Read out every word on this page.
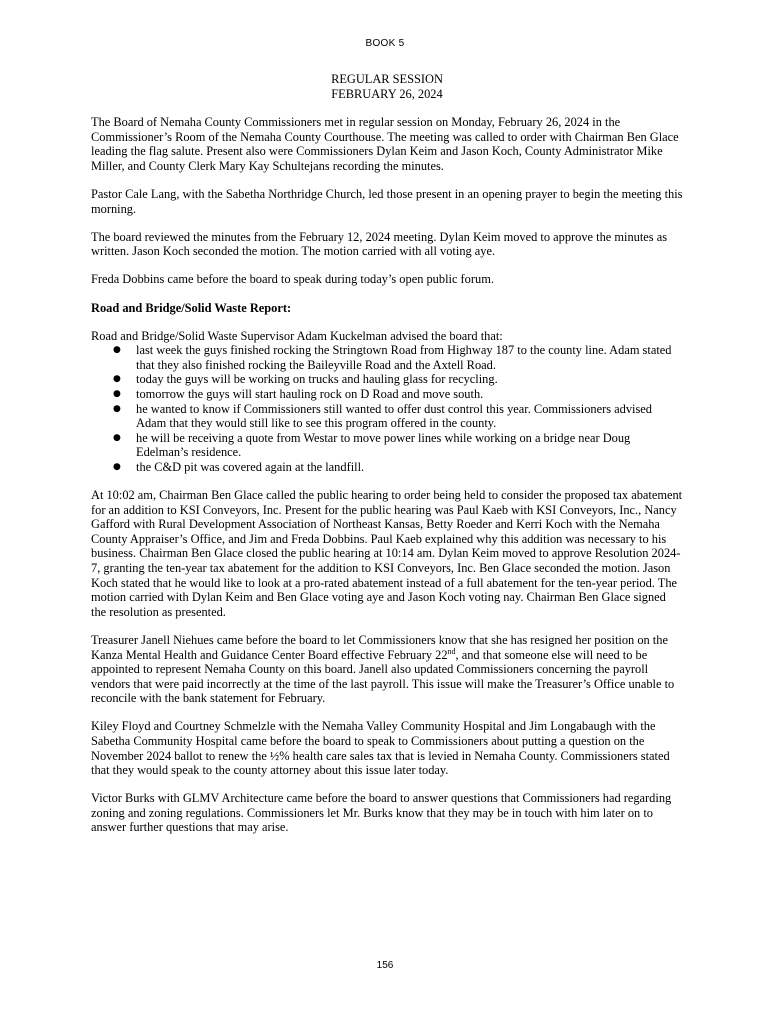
BOOK 5
REGULAR SESSION
FEBRUARY 26, 2024

The Board of Nemaha County Commissioners met in regular session on Monday, February 26, 2024 in the Commissioner’s Room of the Nemaha County Courthouse. The meeting was called to order with Chairman Ben Glace leading the flag salute. Present also were Commissioners Dylan Keim and Jason Koch, County Administrator Mike Miller, and County Clerk Mary Kay Schultejans recording the minutes.

Pastor Cale Lang, with the Sabetha Northridge Church, led those present in an opening prayer to begin the meeting this morning.

The board reviewed the minutes from the February 12, 2024 meeting. Dylan Keim moved to approve the minutes as written. Jason Koch seconded the motion. The motion carried with all voting aye.

Freda Dobbins came before the board to speak during today’s open public forum.

Road and Bridge/Solid Waste Report:

Road and Bridge/Solid Waste Supervisor Adam Kuckelman advised the board that:
● last week the guys finished rocking the Stringtown Road from Highway 187 to the county line. Adam stated that they also finished rocking the Baileyville Road and the Axtell Road.
● today the guys will be working on trucks and hauling glass for recycling.
● tomorrow the guys will start hauling rock on D Road and move south.
● he wanted to know if Commissioners still wanted to offer dust control this year. Commissioners advised Adam that they would still like to see this program offered in the county.
● he will be receiving a quote from Westar to move power lines while working on a bridge near Doug Edelman’s residence.
● the C&D pit was covered again at the landfill.

At 10:02 am, Chairman Ben Glace called the public hearing to order being held to consider the proposed tax abatement for an addition to KSI Conveyors, Inc. Present for the public hearing was Paul Kaeb with KSI Conveyors, Inc., Nancy Gafford with Rural Development Association of Northeast Kansas, Betty Roeder and Kerri Koch with the Nemaha County Appraiser’s Office, and Jim and Freda Dobbins. Paul Kaeb explained why this addition was necessary to his business. Chairman Ben Glace closed the public hearing at 10:14 am. Dylan Keim moved to approve Resolution 2024-7, granting the ten-year tax abatement for the addition to KSI Conveyors, Inc. Ben Glace seconded the motion. Jason Koch stated that he would like to look at a pro-rated abatement instead of a full abatement for the ten-year period. The motion carried with Dylan Keim and Ben Glace voting aye and Jason Koch voting nay. Chairman Ben Glace signed the resolution as presented.

Treasurer Janell Niehues came before the board to let Commissioners know that she has resigned her position on the Kanza Mental Health and Guidance Center Board effective February 22nd, and that someone else will need to be appointed to represent Nemaha County on this board. Janell also updated Commissioners concerning the payroll vendors that were paid incorrectly at the time of the last payroll. This issue will make the Treasurer’s Office unable to reconcile with the bank statement for February.

Kiley Floyd and Courtney Schmelzle with the Nemaha Valley Community Hospital and Jim Longabaugh with the Sabetha Community Hospital came before the board to speak to Commissioners about putting a question on the November 2024 ballot to renew the ½% health care sales tax that is levied in Nemaha County. Commissioners stated that they would speak to the county attorney about this issue later today.

Victor Burks with GLMV Architecture came before the board to answer questions that Commissioners had regarding zoning and zoning regulations. Commissioners let Mr. Burks know that they may be in touch with him later on to answer further questions that may arise.

156
